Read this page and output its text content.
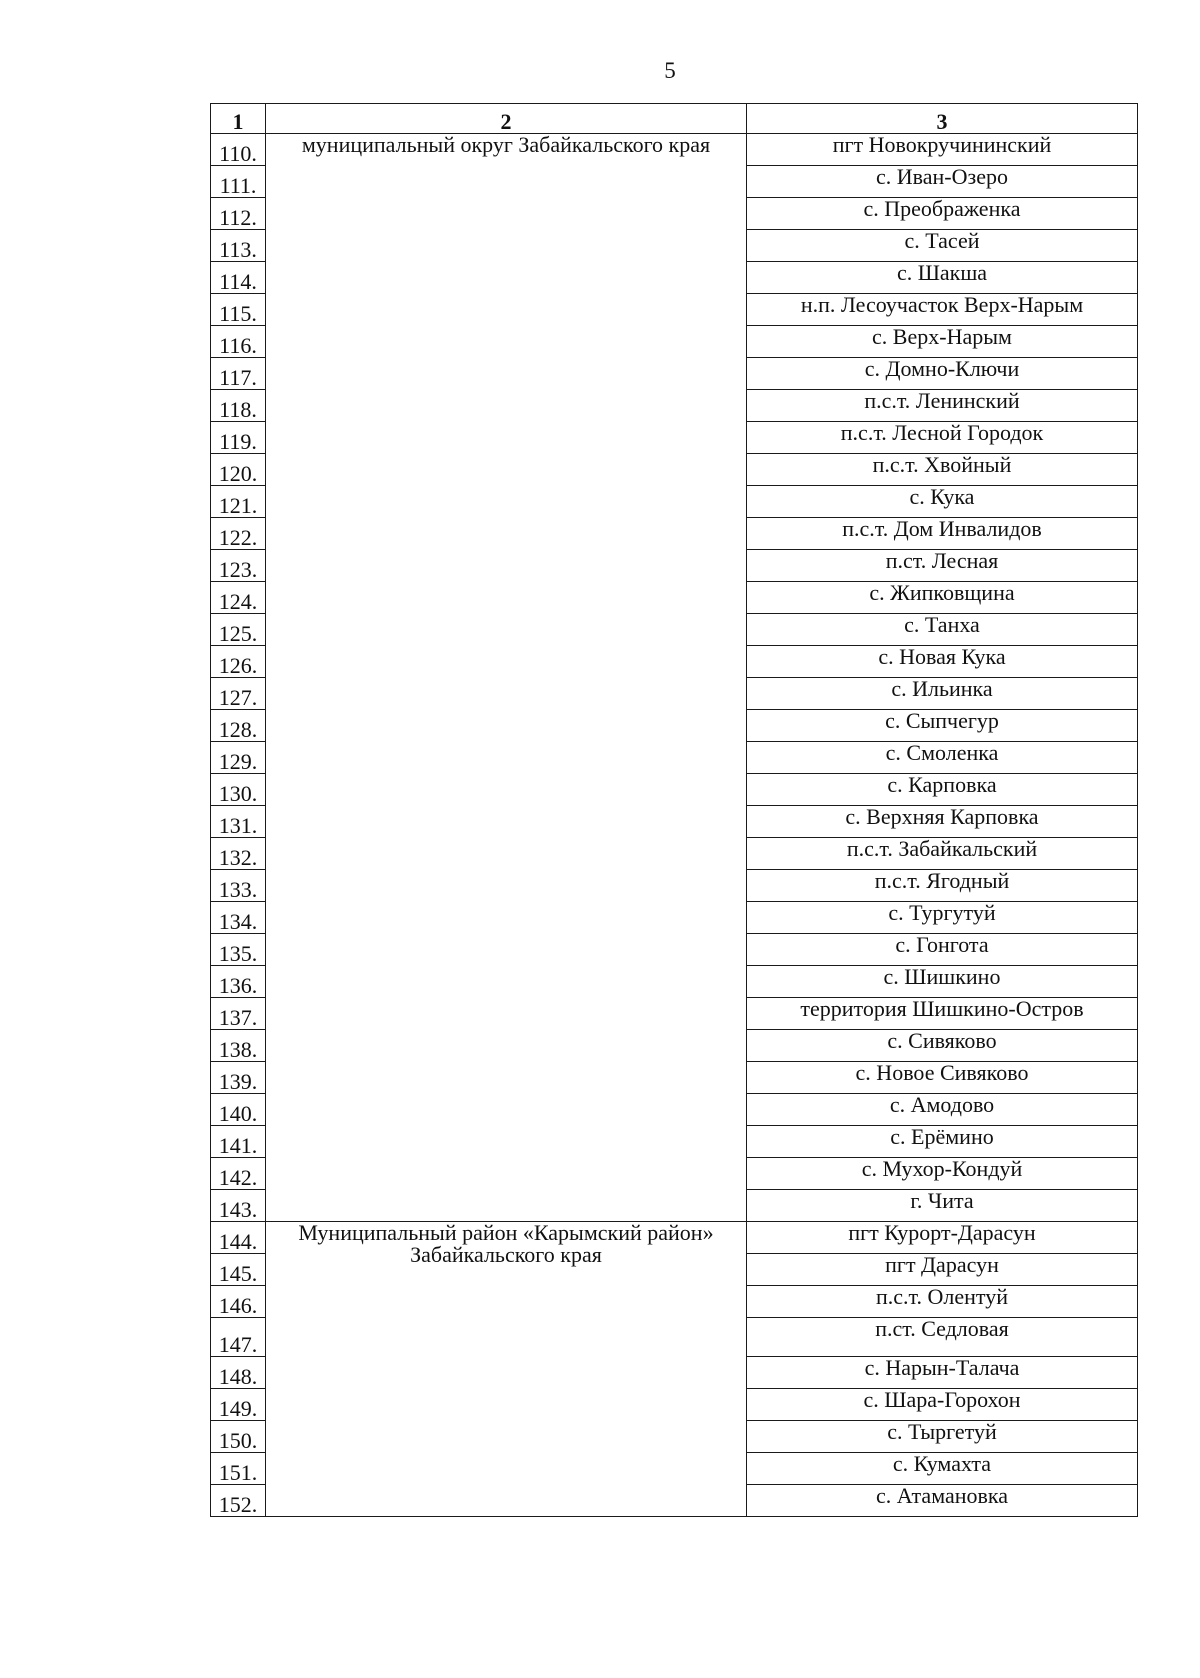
5
1	2	3
110.	муниципальный округ Забайкальского края	пгт Новокручининский
111.		с. Иван-Озеро
112.		с. Преображенка
113.		с. Тасей
114.		с. Шакша
115.		н.п. Лесоучасток Верх-Нарым
116.		с. Верх-Нарым
117.		с. Домно-Ключи
118.		п.с.т. Ленинский
119.		п.с.т. Лесной Городок
120.		п.с.т. Хвойный
121.		с. Кука
122.		п.с.т. Дом Инвалидов
123.		п.ст. Лесная
124.		с. Жипковщина
125.		с. Танха
126.		с. Новая Кука
127.		с. Ильинка
128.		с. Сыпчегур
129.		с. Смоленка
130.		с. Карповка
131.		с. Верхняя Карповка
132.		п.с.т. Забайкальский
133.		п.с.т. Ягодный
134.		с. Тургутуй
135.		с. Гонгота
136.		с. Шишкино
137.		территория Шишкино-Остров
138.		с. Сивяково
139.		с. Новое Сивяково
140.		с. Амодово
141.		с. Ерёмино
142.		с. Мухор-Кондуй
143.		г. Чита
144.	Муниципальный район «Карымский район» Забайкальского края	пгт Курорт-Дарасун
145.		пгт Дарасун
146.		п.с.т. Олентуй
147.		п.ст. Седловая
148.		с. Нарын-Талача
149.		с. Шара-Горохон
150.		с. Тыргетуй
151.		с. Кумахта
152.		с. Атамановка
